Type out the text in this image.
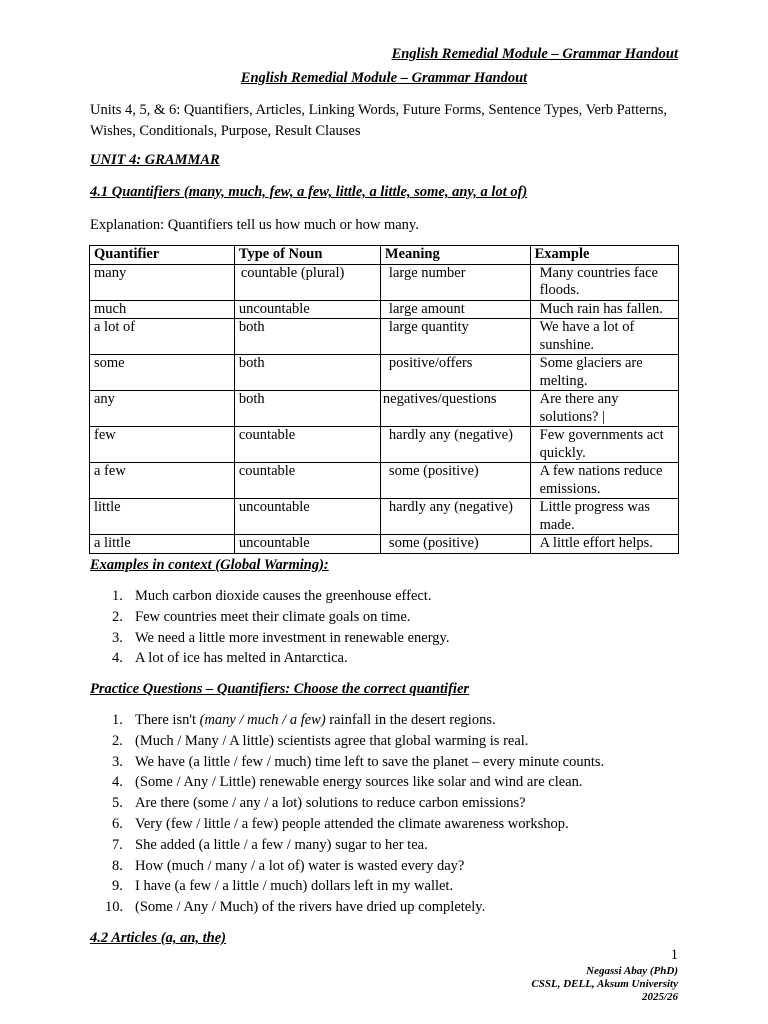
English Remedial Module – Grammar Handout
English Remedial Module – Grammar Handout
Units 4, 5, & 6: Quantifiers, Articles, Linking Words, Future Forms, Sentence Types, Verb Patterns, Wishes, Conditionals, Purpose, Result Clauses
UNIT 4: GRAMMAR
4.1 Quantifiers (many, much, few, a few, little, a little, some, any, a lot of)
Explanation: Quantifiers tell us how much or how many.
Quantifier	Type of Noun	Meaning	Example
many	countable (plural)	large number	Many countries face floods.
much	uncountable	large amount	Much rain has fallen.
a lot of	both	large quantity	We have a lot of sunshine.
some	both	positive/offers	Some glaciers are melting.
any	both	negatives/questions	Are there any solutions? |
few	countable	hardly any (negative)	Few governments act quickly.
a few	countable	some (positive)	A few nations reduce emissions.
little	uncountable	hardly any (negative)	Little progress was made.
a little	uncountable	some (positive)	A little effort helps.
Examples in context (Global Warming):
1. Much carbon dioxide causes the greenhouse effect.
2. Few countries meet their climate goals on time.
3. We need a little more investment in renewable energy.
4. A lot of ice has melted in Antarctica.
Practice Questions – Quantifiers: Choose the correct quantifier
1. There isn't (many / much / a few) rainfall in the desert regions.
2. (Much / Many / A little) scientists agree that global warming is real.
3. We have (a little / few / much) time left to save the planet – every minute counts.
4. (Some / Any / Little) renewable energy sources like solar and wind are clean.
5. Are there (some / any / a lot) solutions to reduce carbon emissions?
6. Very (few / little / a few) people attended the climate awareness workshop.
7. She added (a little / a few / many) sugar to her tea.
8. How (much / many / a lot of) water is wasted every day?
9. I have (a few / a little / much) dollars left in my wallet.
10. (Some / Any / Much) of the rivers have dried up completely.
4.2 Articles (a, an, the)
1
Negassi Abay (PhD)
CSSL, DELL, Aksum University
2025/26
